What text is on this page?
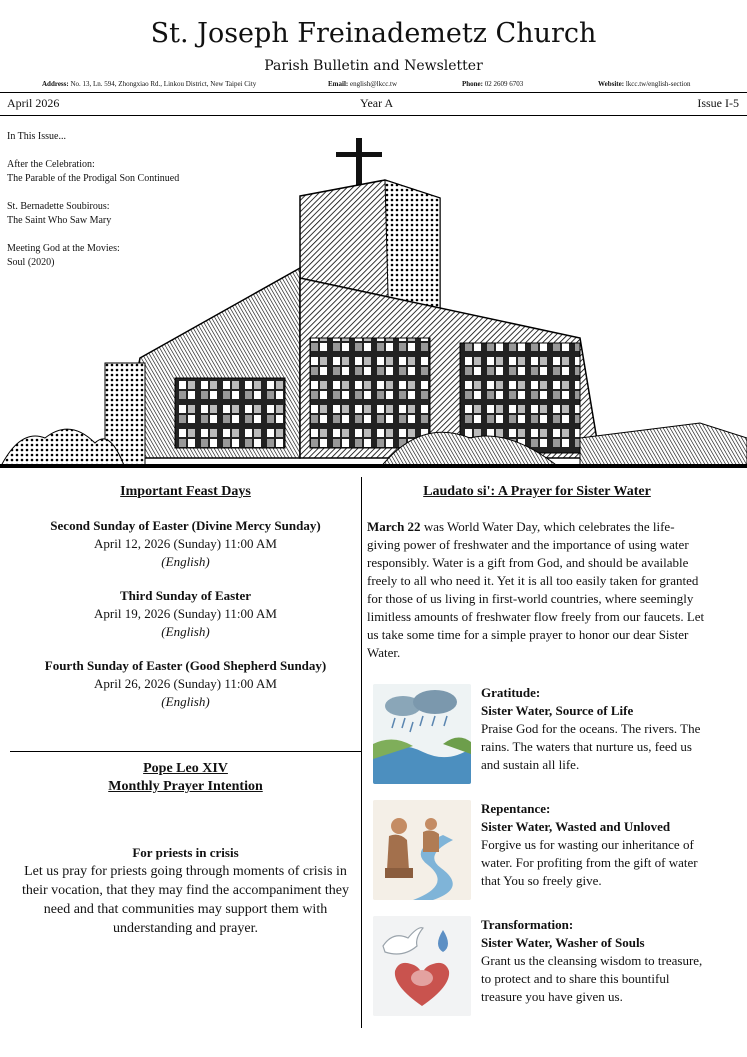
St. Joseph Freinademetz Church
Parish Bulletin and Newsletter
Address: No. 13, Ln. 594, Zhongxiao Rd., Linkou District, New Taipei City	Email: english@lkcc.tw	Phone: 02 2609 6703	Website: lkcc.tw/english-section
April 2026	Year A	Issue I-5
In This Issue...
After the Celebration:
The Parable of the Prodigal Son Continued
St. Bernadette Soubirous:
The Saint Who Saw Mary
Meeting God at the Movies:
Soul (2020)
Important Feast Days
Second Sunday of Easter (Divine Mercy Sunday)
April 12, 2026 (Sunday) 11:00 AM
(English)
Third Sunday of Easter
April 19, 2026 (Sunday) 11:00 AM
(English)
Fourth Sunday of Easter (Good Shepherd Sunday)
April 26, 2026 (Sunday) 11:00 AM
(English)
Pope Leo XIV
Monthly Prayer Intention
For priests in crisis
Let us pray for priests going through moments of crisis in their vocation, that they may find the accompaniment they need and that communities may support them with understanding and prayer.
Laudato si': A Prayer for Sister Water
March 22 was World Water Day, which celebrates the life-giving power of freshwater and the importance of using water responsibly. Water is a gift from God, and should be available freely to all who need it. Yet it is all too easily taken for granted for those of us living in first-world countries, where seemingly limitless amounts of freshwater flow freely from our faucets. Let us take some time for a simple prayer to honor our dear Sister Water.
Gratitude:
Sister Water, Source of Life
Praise God for the oceans. The rivers. The rains. The waters that nurture us, feed us and sustain all life.
Repentance:
Sister Water, Wasted and Unloved
Forgive us for wasting our inheritance of water. For profiting from the gift of water that You so freely give.
Transformation:
Sister Water, Washer of Souls
Grant us the cleansing wisdom to treasure, to protect and to share this bountiful treasure you have given us.
